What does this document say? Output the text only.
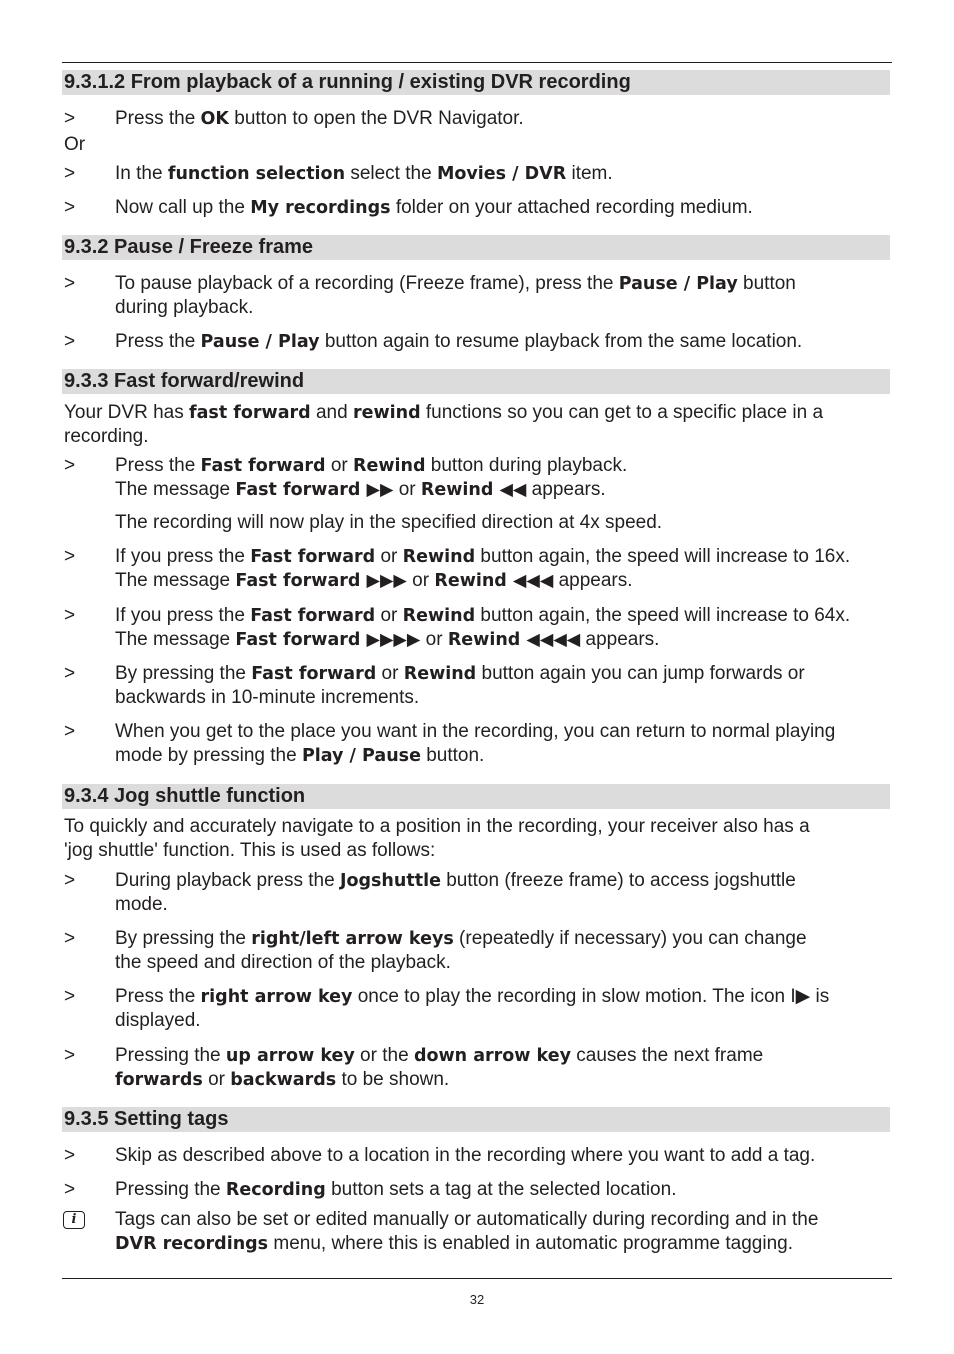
9.3.1.2 From playback of a running / existing DVR recording
> Press the OK button to open the DVR Navigator.
Or
> In the function selection select the Movies / DVR item.
> Now call up the My recordings folder on your attached recording medium.
9.3.2 Pause / Freeze frame
> To pause playback of a recording (Freeze frame), press the Pause / Play button
during playback.
> Press the Pause / Play button again to resume playback from the same location.
9.3.3 Fast forward/rewind
Your DVR has fast forward and rewind functions so you can get to a specific place in a
recording.
> Press the Fast forward or Rewind button during playback.
The message Fast forward ▶▶ or Rewind ◀◀ appears.
The recording will now play in the specified direction at 4x speed.
> If you press the Fast forward or Rewind button again, the speed will increase to 16x.
The message Fast forward ▶▶▶ or Rewind ◀◀◀ appears.
> If you press the Fast forward or Rewind button again, the speed will increase to 64x.
The message Fast forward ▶▶▶▶ or Rewind ◀◀◀◀ appears.
> By pressing the Fast forward or Rewind button again you can jump forwards or
backwards in 10-minute increments.
> When you get to the place you want in the recording, you can return to normal playing
mode by pressing the Play / Pause button.
9.3.4 Jog shuttle function
To quickly and accurately navigate to a position in the recording, your receiver also has a
'jog shuttle' function. This is used as follows:
> During playback press the Jogshuttle button (freeze frame) to access jogshuttle
mode.
> By pressing the right/left arrow keys (repeatedly if necessary) you can change
the speed and direction of the playback.
> Press the right arrow key once to play the recording in slow motion. The icon I▶ is
displayed.
> Pressing the up arrow key or the down arrow key causes the next frame
forwards or backwards to be shown.
9.3.5 Setting tags
> Skip as described above to a location in the recording where you want to add a tag.
> Pressing the Recording button sets a tag at the selected location.
i	Tags can also be set or edited manually or automatically during recording and in the
DVR recordings menu, where this is enabled in automatic programme tagging.
32
